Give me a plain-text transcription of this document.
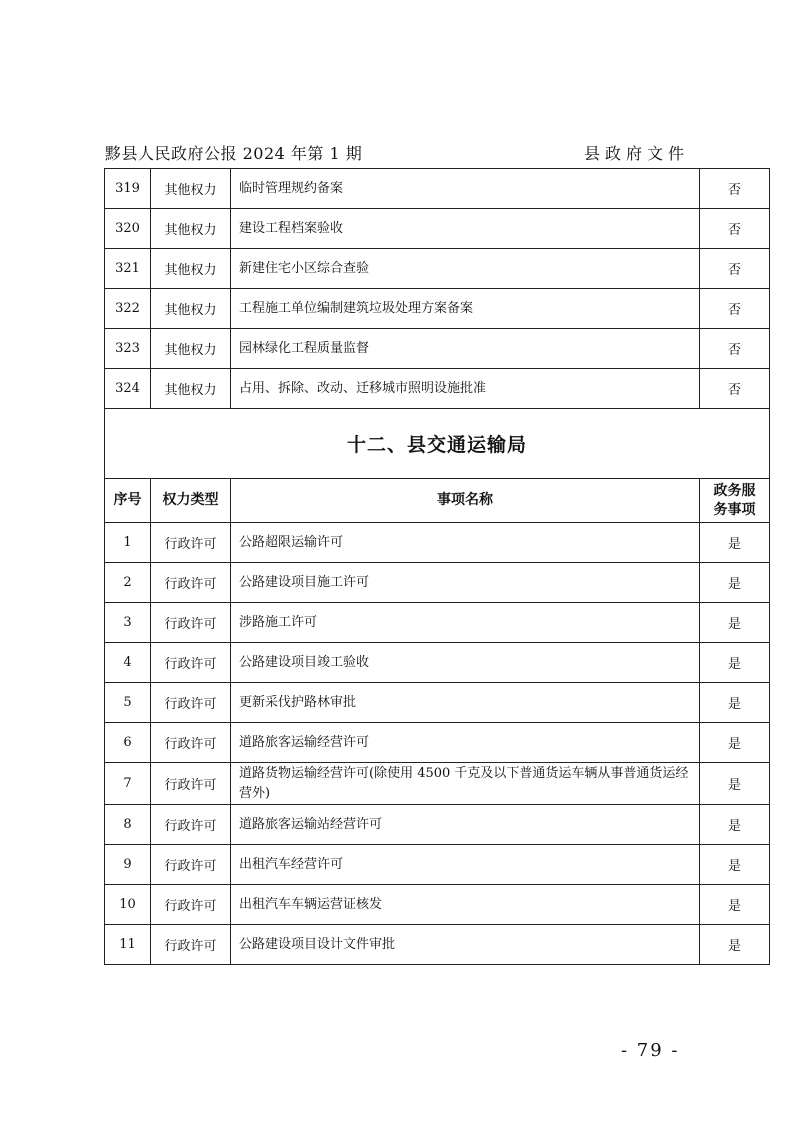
黟县人民政府公报 2024 年第 1 期	县政府文件
319	其他权力	临时管理规约备案	否
320	其他权力	建设工程档案验收	否
321	其他权力	新建住宅小区综合查验	否
322	其他权力	工程施工单位编制建筑垃圾处理方案备案	否
323	其他权力	园林绿化工程质量监督	否
324	其他权力	占用、拆除、改动、迁移城市照明设施批准	否
十二、县交通运输局			
序号	权力类型	事项名称	政务服
务事项
1	行政许可	公路超限运输许可	是
2	行政许可	公路建设项目施工许可	是
3	行政许可	涉路施工许可	是
4	行政许可	公路建设项目竣工验收	是
5	行政许可	更新采伐护路林审批	是
6	行政许可	道路旅客运输经营许可	是
7	行政许可	道路货物运输经营许可(除使用 4500 千克及以下普通货运车辆从事普通货运经营外)	是
8	行政许可	道路旅客运输站经营许可	是
9	行政许可	出租汽车经营许可	是
10	行政许可	出租汽车车辆运营证核发	是
11	行政许可	公路建设项目设计文件审批	是
- 79 -
